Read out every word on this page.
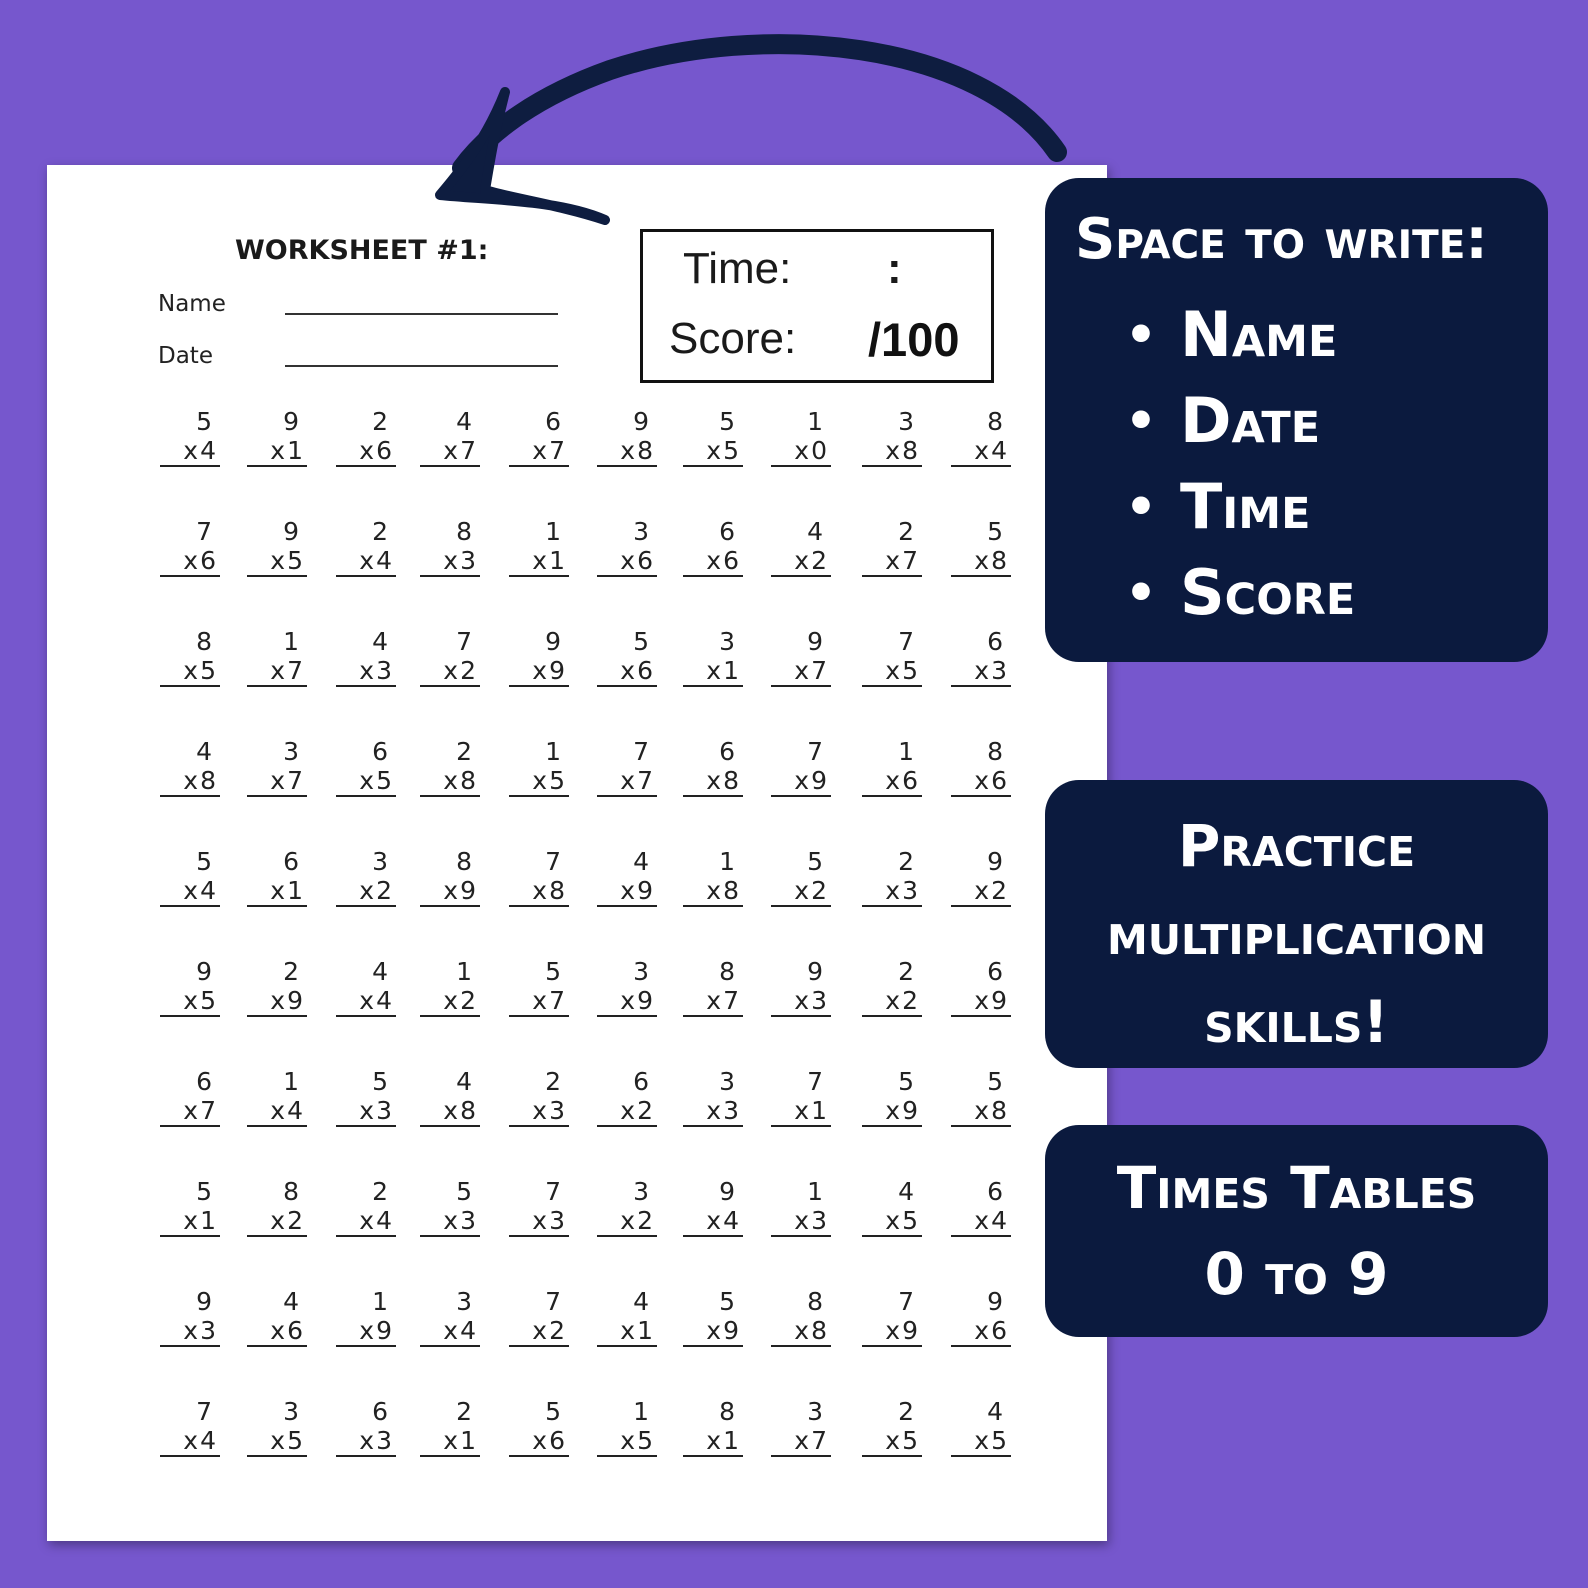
WORKSHEET #1:
Name
Date
Time: :
Score: /100
5
x4
9
x1
2
x6
4
x7
6
x7
9
x8
5
x5
1
x0
3
x8
8
x4
7
x6
9
x5
2
x4
8
x3
1
x1
3
x6
6
x6
4
x2
2
x7
5
x8
8
x5
1
x7
4
x3
7
x2
9
x9
5
x6
3
x1
9
x7
7
x5
6
x3
4
x8
3
x7
6
x5
2
x8
1
x5
7
x7
6
x8
7
x9
1
x6
8
x6
5
x4
6
x1
3
x2
8
x9
7
x8
4
x9
1
x8
5
x2
2
x3
9
x2
9
x5
2
x9
4
x4
1
x2
5
x7
3
x9
8
x7
9
x3
2
x2
6
x9
6
x7
1
x4
5
x3
4
x8
2
x3
6
x2
3
x3
7
x1
5
x9
5
x8
5
x1
8
x2
2
x4
5
x3
7
x3
3
x2
9
x4
1
x3
4
x5
6
x4
9
x3
4
x6
1
x9
3
x4
7
x2
4
x1
5
x9
8
x8
7
x9
9
x6
7
x4
3
x5
6
x3
2
x1
5
x6
1
x5
8
x1
3
x7
2
x5
4
x5
Space to write:
• Name
• Date
• Time
• Score
Practice
multiplication
skills!
Times Tables
0 to 9
